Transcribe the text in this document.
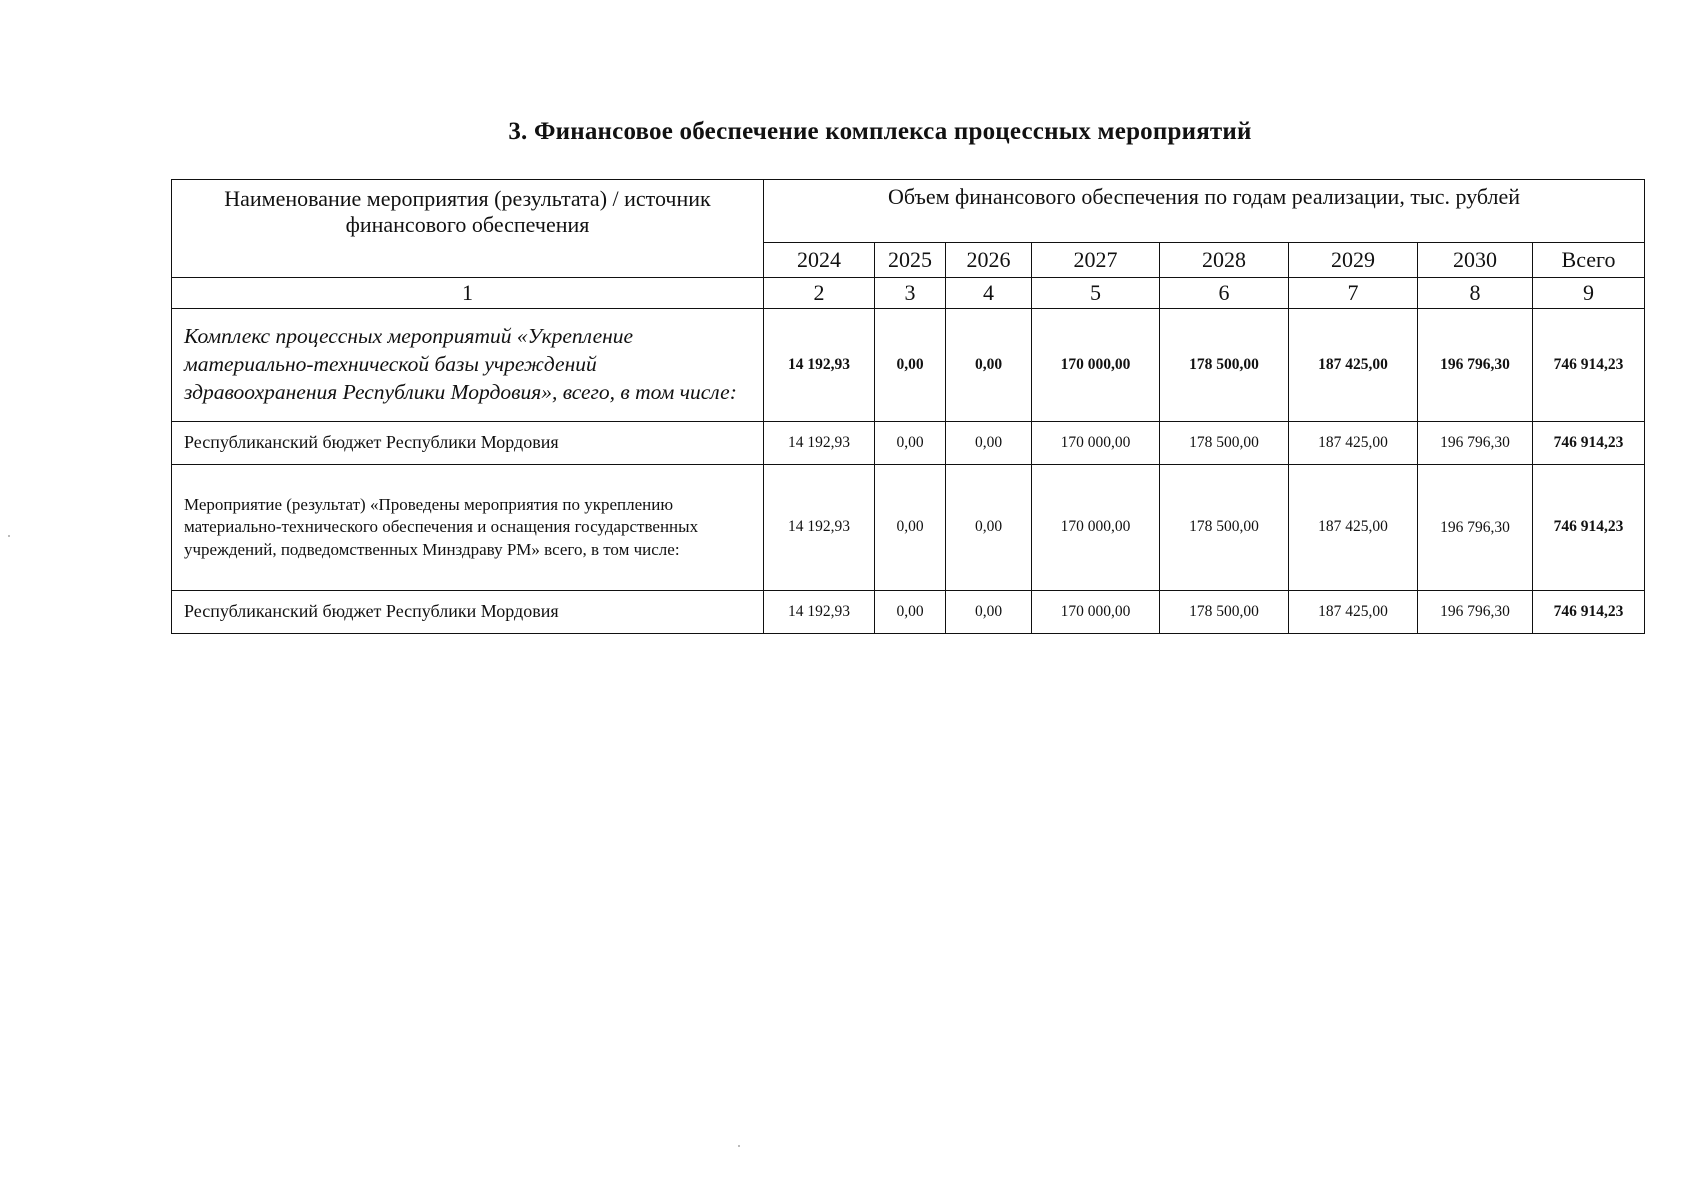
3. Финансовое обеспечение комплекса процессных мероприятий
Наименование мероприятия (результата) / источник финансового обеспечения	Объем финансового обеспечения по годам реализации, тыс. рублей							
	2024	2025	2026	2027	2028	2029	2030	Всего
1	2	3	4	5	6	7	8	9
Комплекс процессных мероприятий «Укрепление материально-технической базы учреждений здравоохранения Республики Мордовия», всего, в том числе:	14 192,93	0,00	0,00	170 000,00	178 500,00	187 425,00	196 796,30	746 914,23
Республиканский бюджет Республики Мордовия	14 192,93	0,00	0,00	170 000,00	178 500,00	187 425,00	196 796,30	746 914,23
Мероприятие (результат) «Проведены мероприятия по укреплению материально-технического обеспечения и оснащения государственных учреждений, подведомственных Минздраву РМ» всего, в том числе:	14 192,93	0,00	0,00	170 000,00	178 500,00	187 425,00	196 796,30	746 914,23
Республиканский бюджет Республики Мордовия	14 192,93	0,00	0,00	170 000,00	178 500,00	187 425,00	196 796,30	746 914,23
